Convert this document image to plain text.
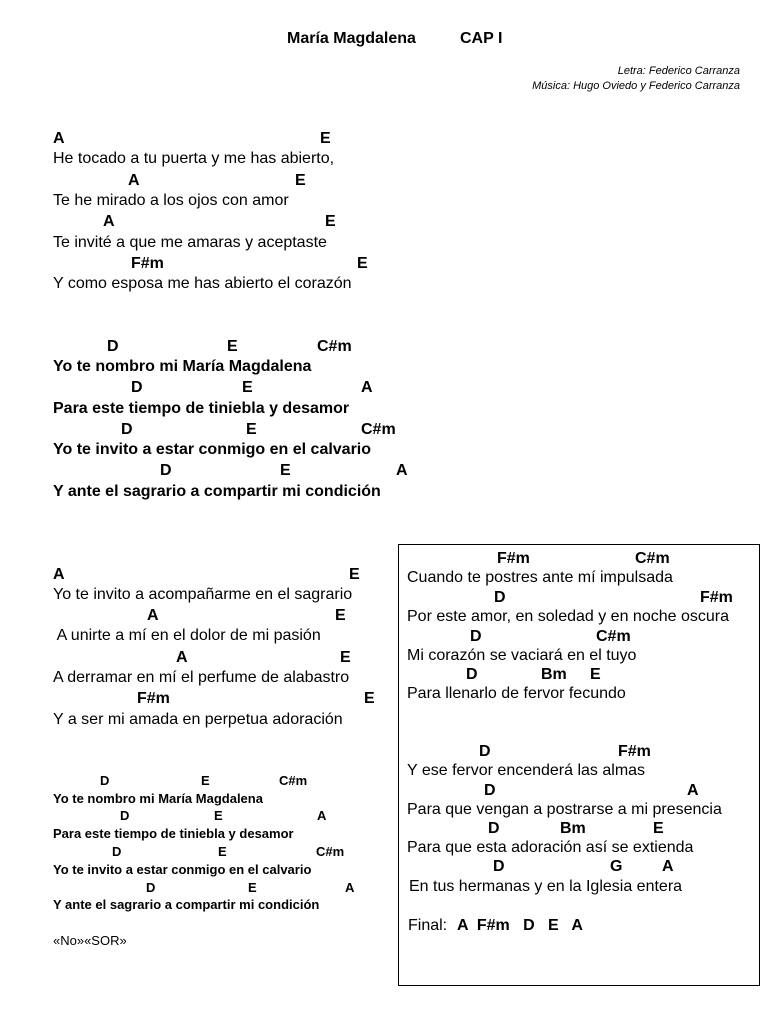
María Magdalena	CAP I
Letra: Federico Carranza
Música: Hugo Oviedo y Federico Carranza
A	E
He tocado a tu puerta y me has abierto,
A	E
Te he mirado a los ojos con amor
A	E
Te invité a que me amaras y aceptaste
F#m	E
Y como esposa me has abierto el corazón
D	E	C#m
Yo te nombro mi María Magdalena
D	E	A
Para este tiempo de tiniebla y desamor
D	E	C#m
Yo te invito a estar conmigo en el calvario
D	E	A
Y ante el sagrario a compartir mi condición
A	E
Yo te invito a acompañarme en el sagrario
A	E
A unirte a mí en el dolor de mi pasión
A	E
A derramar en mí el perfume de alabastro
F#m	E
Y a ser mi amada en perpetua adoración
D	E	C#m
Yo te nombro mi María Magdalena
D	E	A
Para este tiempo de tiniebla y desamor
D	E	C#m
Yo te invito a estar conmigo en el calvario
D	E	A
Y ante el sagrario a compartir mi condición
«No»«SOR»
F#m	C#m
Cuando te postres ante mí impulsada
D	F#m
Por este amor, en soledad y en noche oscura
D	C#m
Mi corazón se vaciará en el tuyo
D	Bm E
Para llenarlo de fervor fecundo
D	F#m
Y ese fervor encenderá las almas
D	A
Para que vengan a postrarse a mi presencia
D	Bm	E
Para que esta adoración así se extienda
D	G A
En tus hermanas y en la Iglesia entera
Final: A  F#m   D   E   A
